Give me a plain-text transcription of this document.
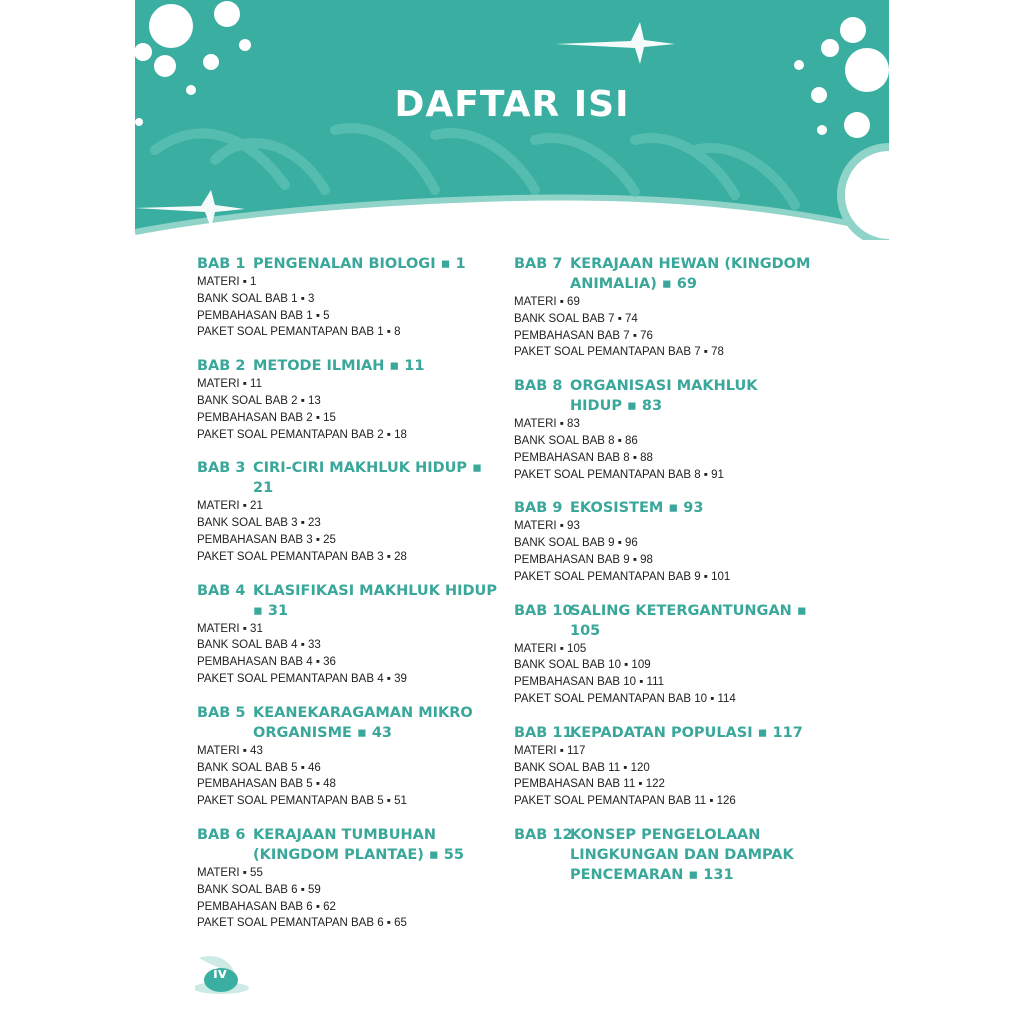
DAFTAR ISI
BAB 1 PENGENALAN BIOLOGI ▪ 1
MATERI ▪ 1
BANK SOAL BAB 1 ▪ 3
PEMBAHASAN BAB 1 ▪ 5
PAKET SOAL PEMANTAPAN BAB 1 ▪ 8
BAB 2 METODE ILMIAH ▪ 11
MATERI ▪ 11
BANK SOAL BAB 2 ▪ 13
PEMBAHASAN BAB 2 ▪ 15
PAKET SOAL PEMANTAPAN BAB 2 ▪ 18
BAB 3 CIRI-CIRI MAKHLUK HIDUP ▪ 21
MATERI ▪ 21
BANK SOAL BAB 3 ▪ 23
PEMBAHASAN BAB 3 ▪ 25
PAKET SOAL PEMANTAPAN BAB 3 ▪ 28
BAB 4 KLASIFIKASI MAKHLUK HIDUP ▪ 31
MATERI ▪ 31
BANK SOAL BAB 4 ▪ 33
PEMBAHASAN BAB 4 ▪ 36
PAKET SOAL PEMANTAPAN BAB 4 ▪ 39
BAB 5 KEANEKARAGAMAN MIKRO ORGANISME ▪ 43
MATERI ▪ 43
BANK SOAL BAB 5 ▪ 46
PEMBAHASAN BAB 5 ▪ 48
PAKET SOAL PEMANTAPAN BAB 5 ▪ 51
BAB 6 KERAJAAN TUMBUHAN (KINGDOM PLANTAE) ▪ 55
MATERI ▪ 55
BANK SOAL BAB 6 ▪ 59
PEMBAHASAN BAB 6 ▪ 62
PAKET SOAL PEMANTAPAN BAB 6 ▪ 65
BAB 7 KERAJAAN HEWAN (KINGDOM ANIMALIA) ▪ 69
MATERI ▪ 69
BANK SOAL BAB 7 ▪ 74
PEMBAHASAN BAB 7 ▪ 76
PAKET SOAL PEMANTAPAN BAB 7 ▪ 78
BAB 8 ORGANISASI MAKHLUK HIDUP ▪ 83
MATERI ▪ 83
BANK SOAL BAB 8 ▪ 86
PEMBAHASAN BAB 8 ▪ 88
PAKET SOAL PEMANTAPAN BAB 8 ▪ 91
BAB 9 EKOSISTEM ▪ 93
MATERI ▪ 93
BANK SOAL BAB 9 ▪ 96
PEMBAHASAN BAB 9 ▪ 98
PAKET SOAL PEMANTAPAN BAB 9 ▪ 101
BAB 10
SALING KETERGANTUNGAN ▪ 105
MATERI ▪ 105
BANK SOAL BAB 10 ▪ 109
PEMBAHASAN BAB 10 ▪ 111
PAKET SOAL PEMANTAPAN BAB 10 ▪ 114
BAB 11
KEPADATAN POPULASI ▪ 117
MATERI ▪ 117
BANK SOAL BAB 11 ▪ 120
PEMBAHASAN BAB 11 ▪ 122
PAKET SOAL PEMANTAPAN BAB 11 ▪ 126
BAB 12
KONSEP PENGELOLAAN LINGKUNGAN DAN DAMPAK PENCEMARAN ▪ 131
iv
